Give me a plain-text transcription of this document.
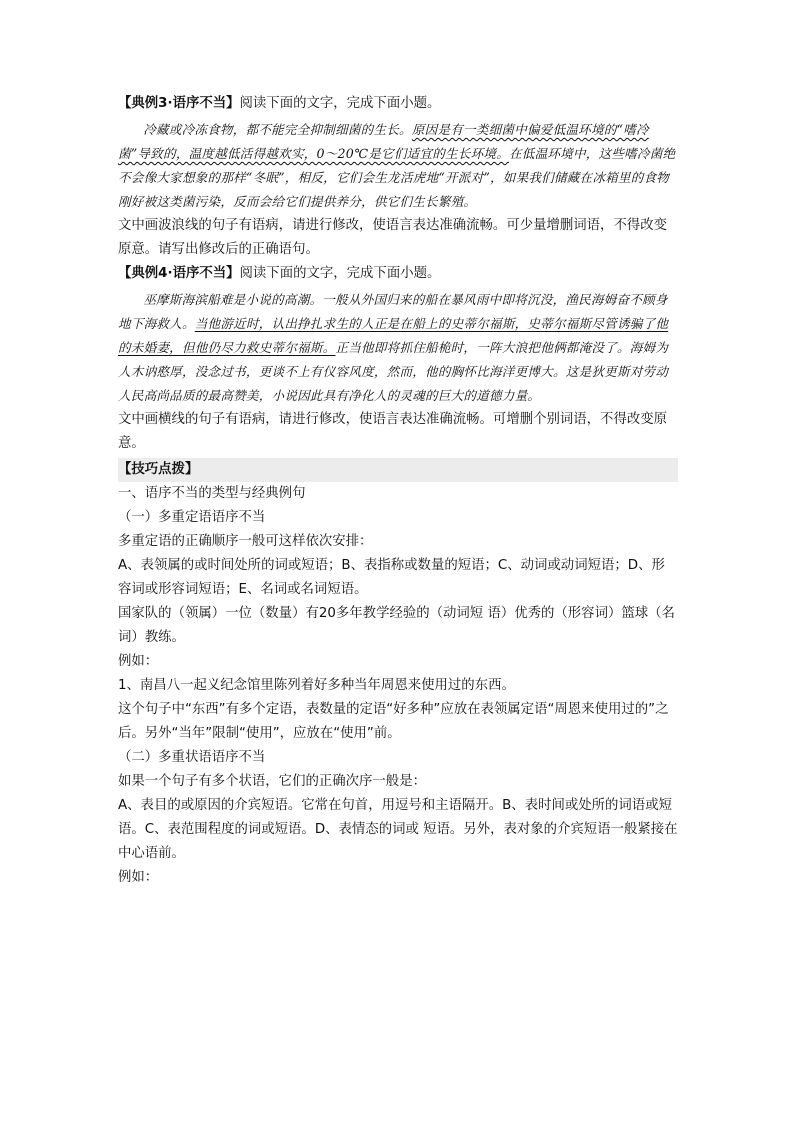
【典例3·语序不当】阅读下面的文字，完成下面小题。

冷藏或冷冻食物，都不能完全抑制细菌的生长。原因是有一类细菌中偏爱低温环境的“嗜冷菌”导致的，温度越低活得越欢实，0～20℃是它们适宜的生长环境。在低温环境中，这些嗜冷菌绝不会像大家想象的那样“冬眠”，相反，它们会生龙活虎地“开派对”，如果我们储藏在冰箱里的食物刚好被这类菌污染，反而会给它们提供养分，供它们生长繁殖。

文中画波浪线的句子有语病，请进行修改，使语言表达准确流畅。可少量增删词语，不得改变原意。请写出修改后的正确语句。

【典例4·语序不当】阅读下面的文字，完成下面小题。

巫摩斯海滨船难是小说的高潮。一般从外国归来的船在暴风雨中即将沉没，渔民海姆奋不顾身地下海救人。当他游近时，认出挣扎求生的人正是在船上的史蒂尔福斯，史蒂尔福斯尽管诱骗了他的未婚妻，但他仍尽力救史蒂尔福斯。正当他即将抓住船桅时，一阵大浪把他俩都淹没了。海姆为人木讷憨厚，没念过书，更谈不上有仪容风度，然而，他的胸怀比海洋更博大。这是狄更斯对劳动人民高尚品质的最高赞美，小说因此具有净化人的灵魂的巨大的道德力量。

文中画横线的句子有语病，请进行修改，使语言表达准确流畅。可增删个别词语，不得改变原意。

【技巧点拨】

一、语序不当的类型与经典例句

（一）多重定语语序不当

多重定语的正确顺序一般可这样依次安排：

A、表领属的或时间处所的词或短语；B、表指称或数量的短语；C、动词或动词短语；D、形容词或形容词短语；E、名词或名词短语。

国家队的（领属）一位（数量）有20多年教学经验的（动词短 语）优秀的（形容词）篮球（名词）教练。

例如：

1、南昌八一起义纪念馆里陈列着好多种当年周恩来使用过的东西。

这个句子中“东西”有多个定语，表数量的定语“好多种”应放在表领属定语“周恩来使用过的”之后。另外“当年”限制“使用”，应放在“使用”前。

（二）多重状语语序不当

如果一个句子有多个状语，它们的正确次序一般是：

A、表目的或原因的介宾短语。它常在句首，用逗号和主语隔开。B、表时间或处所的词语或短语。C、表范围程度的词或短语。D、表情态的词或 短语。另外，表对象的介宾短语一般紧接在中心语前。

例如：
